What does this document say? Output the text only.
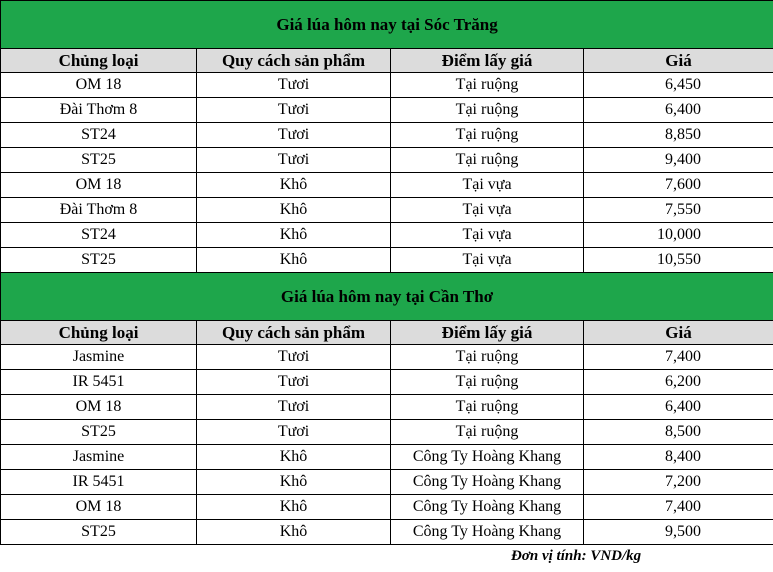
Giá lúa hôm nay tại Sóc Trăng			
Chủng loại	Quy cách sản phẩm	Điểm lấy giá	Giá
OM 18	Tươi	Tại ruộng	6,450
Đài Thơm 8	Tươi	Tại ruộng	6,400
ST24	Tươi	Tại ruộng	8,850
ST25	Tươi	Tại ruộng	9,400
OM 18	Khô	Tại vựa	7,600
Đài Thơm 8	Khô	Tại vựa	7,550
ST24	Khô	Tại vựa	10,000
ST25	Khô	Tại vựa	10,550
Giá lúa hôm nay tại Cần Thơ			
Chủng loại	Quy cách sản phẩm	Điểm lấy giá	Giá
Jasmine	Tươi	Tại ruộng	7,400
IR 5451	Tươi	Tại ruộng	6,200
OM 18	Tươi	Tại ruộng	6,400
ST25	Tươi	Tại ruộng	8,500
Jasmine	Khô	Công Ty Hoàng Khang	8,400
IR 5451	Khô	Công Ty Hoàng Khang	7,200
OM 18	Khô	Công Ty Hoàng Khang	7,400
ST25	Khô	Công Ty Hoàng Khang	9,500
Đơn vị tính: VND/kg
